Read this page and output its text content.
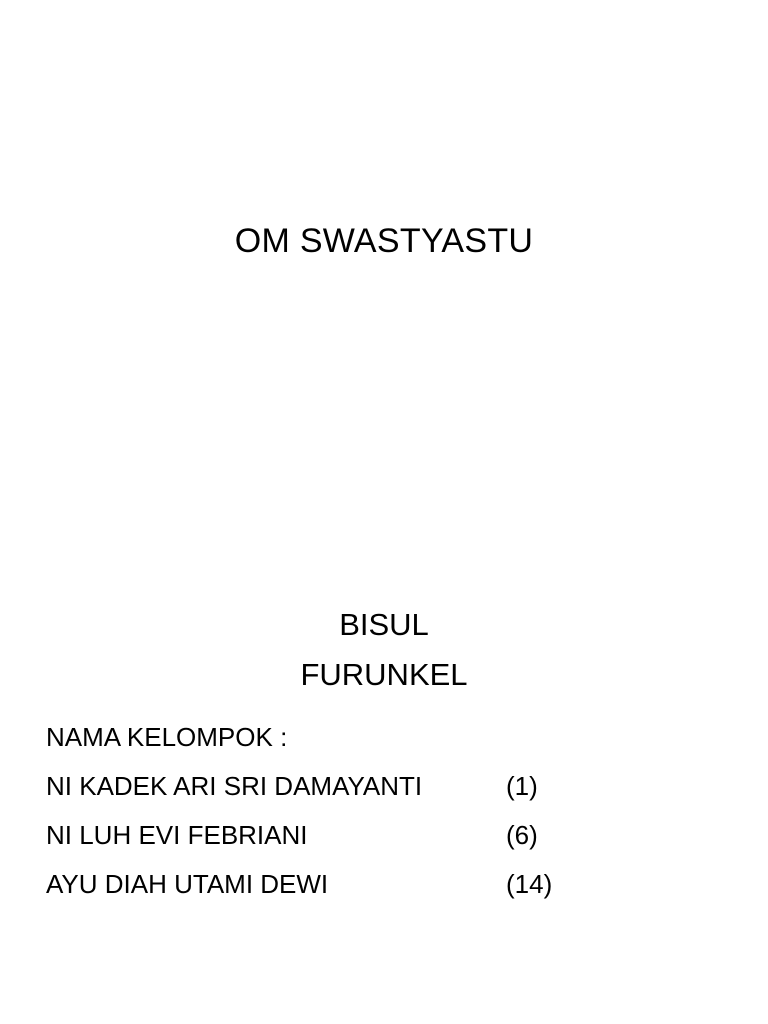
OM SWASTYASTU
BISUL
FURUNKEL
NAMA KELOMPOK :
NI KADEK ARI SRI DAMAYANTI	(1)
NI LUH EVI FEBRIANI	(6)
AYU DIAH UTAMI DEWI	(14)
